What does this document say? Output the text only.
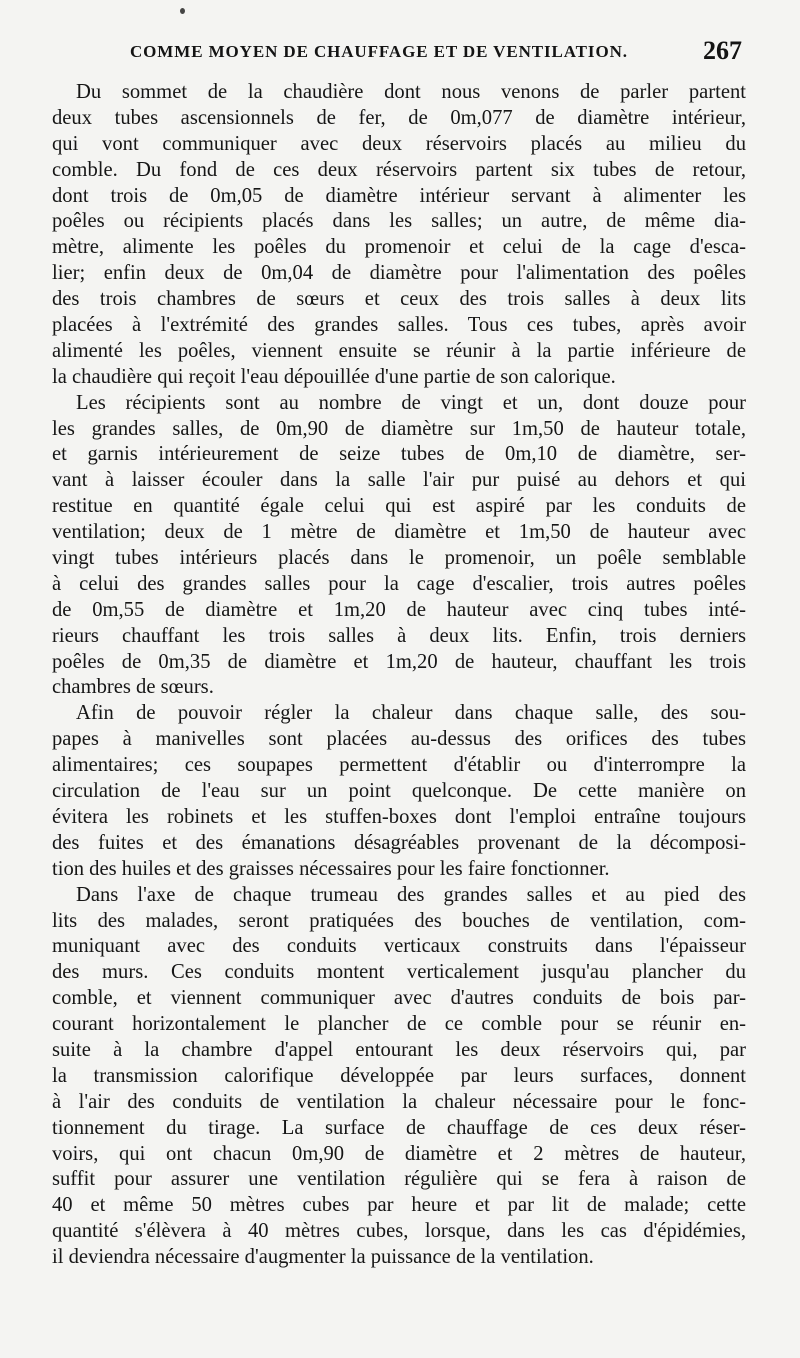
COMME MOYEN DE CHAUFFAGE ET DE VENTILATION.	267
Du sommet de la chaudière dont nous venons de parler partent
deux tubes ascensionnels de fer, de 0m,077 de diamètre intérieur,
qui vont communiquer avec deux réservoirs placés au milieu du
comble. Du fond de ces deux réservoirs partent six tubes de retour,
dont trois de 0m,05 de diamètre intérieur servant à alimenter les
poêles ou récipients placés dans les salles; un autre, de même dia-
mètre, alimente les poêles du promenoir et celui de la cage d'esca-
lier; enfin deux de 0m,04 de diamètre pour l'alimentation des poêles
des trois chambres de sœurs et ceux des trois salles à deux lits
placées à l'extrémité des grandes salles. Tous ces tubes, après avoir
alimenté les poêles, viennent ensuite se réunir à la partie inférieure de
la chaudière qui reçoit l'eau dépouillée d'une partie de son calorique.
Les récipients sont au nombre de vingt et un, dont douze pour
les grandes salles, de 0m,90 de diamètre sur 1m,50 de hauteur totale,
et garnis intérieurement de seize tubes de 0m,10 de diamètre, ser-
vant à laisser écouler dans la salle l'air pur puisé au dehors et qui
restitue en quantité égale celui qui est aspiré par les conduits de
ventilation; deux de 1 mètre de diamètre et 1m,50 de hauteur avec
vingt tubes intérieurs placés dans le promenoir, un poêle semblable
à celui des grandes salles pour la cage d'escalier, trois autres poêles
de 0m,55 de diamètre et 1m,20 de hauteur avec cinq tubes inté-
rieurs chauffant les trois salles à deux lits. Enfin, trois derniers
poêles de 0m,35 de diamètre et 1m,20 de hauteur, chauffant les trois
chambres de sœurs.
Afin de pouvoir régler la chaleur dans chaque salle, des sou-
papes à manivelles sont placées au-dessus des orifices des tubes
alimentaires; ces soupapes permettent d'établir ou d'interrompre la
circulation de l'eau sur un point quelconque. De cette manière on
évitera les robinets et les stuffen-boxes dont l'emploi entraîne toujours
des fuites et des émanations désagréables provenant de la décomposi-
tion des huiles et des graisses nécessaires pour les faire fonctionner.
Dans l'axe de chaque trumeau des grandes salles et au pied des
lits des malades, seront pratiquées des bouches de ventilation, com-
muniquant avec des conduits verticaux construits dans l'épaisseur
des murs. Ces conduits montent verticalement jusqu'au plancher du
comble, et viennent communiquer avec d'autres conduits de bois par-
courant horizontalement le plancher de ce comble pour se réunir en-
suite à la chambre d'appel entourant les deux réservoirs qui, par
la transmission calorifique développée par leurs surfaces, donnent
à l'air des conduits de ventilation la chaleur nécessaire pour le fonc-
tionnement du tirage. La surface de chauffage de ces deux réser-
voirs, qui ont chacun 0m,90 de diamètre et 2 mètres de hauteur,
suffit pour assurer une ventilation régulière qui se fera à raison de
40 et même 50 mètres cubes par heure et par lit de malade; cette
quantité s'élèvera à 40 mètres cubes, lorsque, dans les cas d'épidémies,
il deviendra nécessaire d'augmenter la puissance de la ventilation.
